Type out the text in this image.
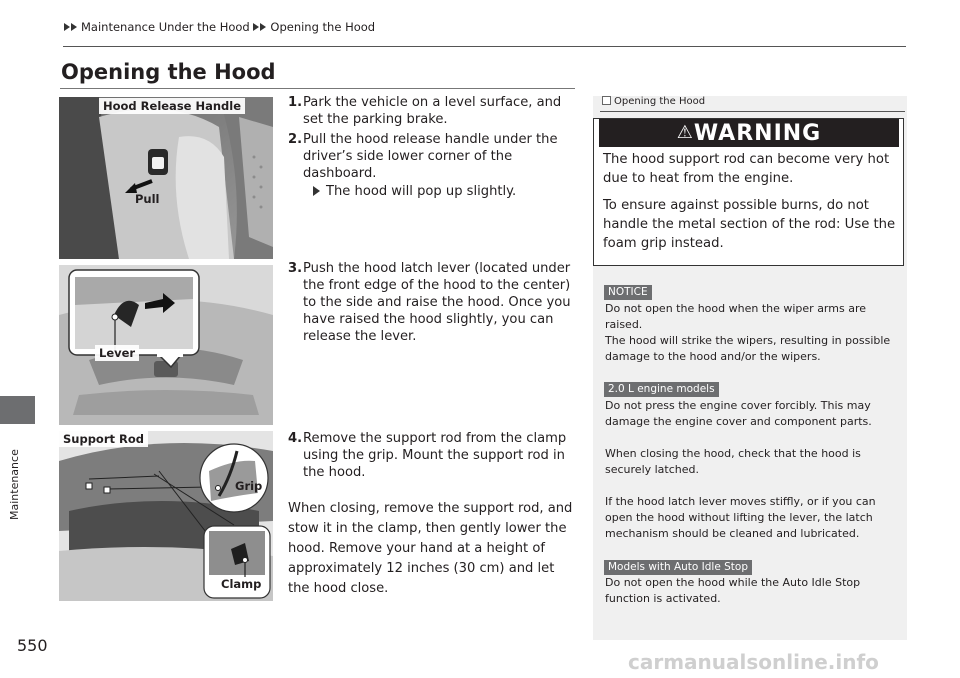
Maintenance Under the Hood Opening the Hood
Maintenance
550
Opening the Hood
Hood Release Handle
Pull
Lever
Support Rod
Grip
Clamp
1. Park the vehicle on a level surface, and set the parking brake.
2. Pull the hood release handle under the driver’s side lower corner of the dashboard.
The hood will pop up slightly.
3. Push the hood latch lever (located under the front edge of the hood to the center) to the side and raise the hood. Once you have raised the hood slightly, you can release the lever.
4. Remove the support rod from the clamp using the grip. Mount the support rod in the hood.
When closing, remove the support rod, and stow it in the clamp, then gently lower the hood. Remove your hand at a height of approximately 12 inches (30 cm) and let the hood close.
Opening the Hood
⚠WARNING
The hood support rod can become very hot due to heat from the engine.
To ensure against possible burns, do not handle the metal section of the rod: Use the foam grip instead.
NOTICE
Do not open the hood when the wiper arms are raised.
The hood will strike the wipers, resulting in possible damage to the hood and/or the wipers.
2.0 L engine models
Do not press the engine cover forcibly. This may damage the engine cover and component parts.
When closing the hood, check that the hood is securely latched.
If the hood latch lever moves stiffly, or if you can open the hood without lifting the lever, the latch mechanism should be cleaned and lubricated.
Models with Auto Idle Stop
Do not open the hood while the Auto Idle Stop function is activated.
carmanualsonline.info
